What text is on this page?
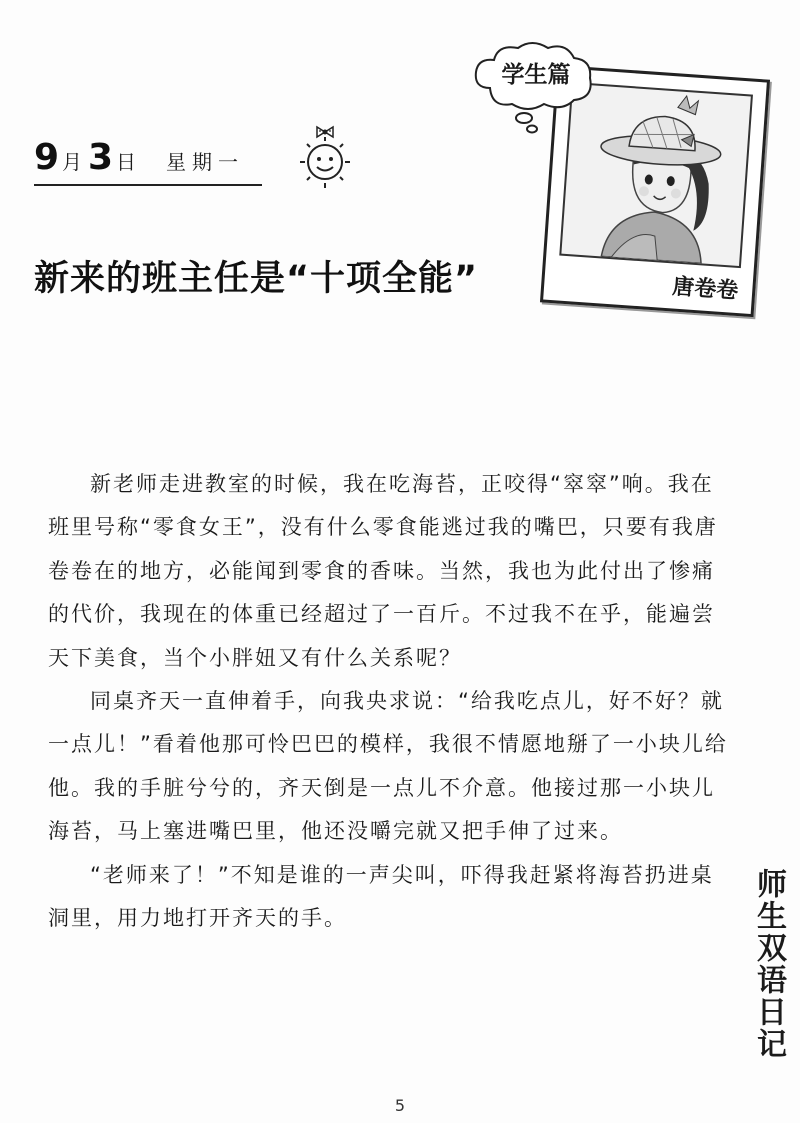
9 月 3 日 星期一
新来的班主任是“十项全能”	唐卷卷
学生篇

新老师走进教室的时候，我在吃海苔，正咬得“窣窣”响。我在班里号称“零食女王”，没有什么零食能逃过我的嘴巴，只要有我唐卷卷在的地方，必能闻到零食的香味。当然，我也为此付出了惨痛的代价，我现在的体重已经超过了一百斤。不过我不在乎，能遍尝天下美食，当个小胖妞又有什么关系呢？

同桌齐天一直伸着手，向我央求说：“给我吃点儿，好不好？就一点儿！”看着他那可怜巴巴的模样，我很不情愿地掰了一小块儿给他。我的手脏兮兮的，齐天倒是一点儿不介意。他接过那一小块儿海苔，马上塞进嘴巴里，他还没嚼完就又把手伸了过来。

“老师来了！”不知是谁的一声尖叫，吓得我赶紧将海苔扔进桌洞里，用力地打开齐天的手。	师生双语日记
5
